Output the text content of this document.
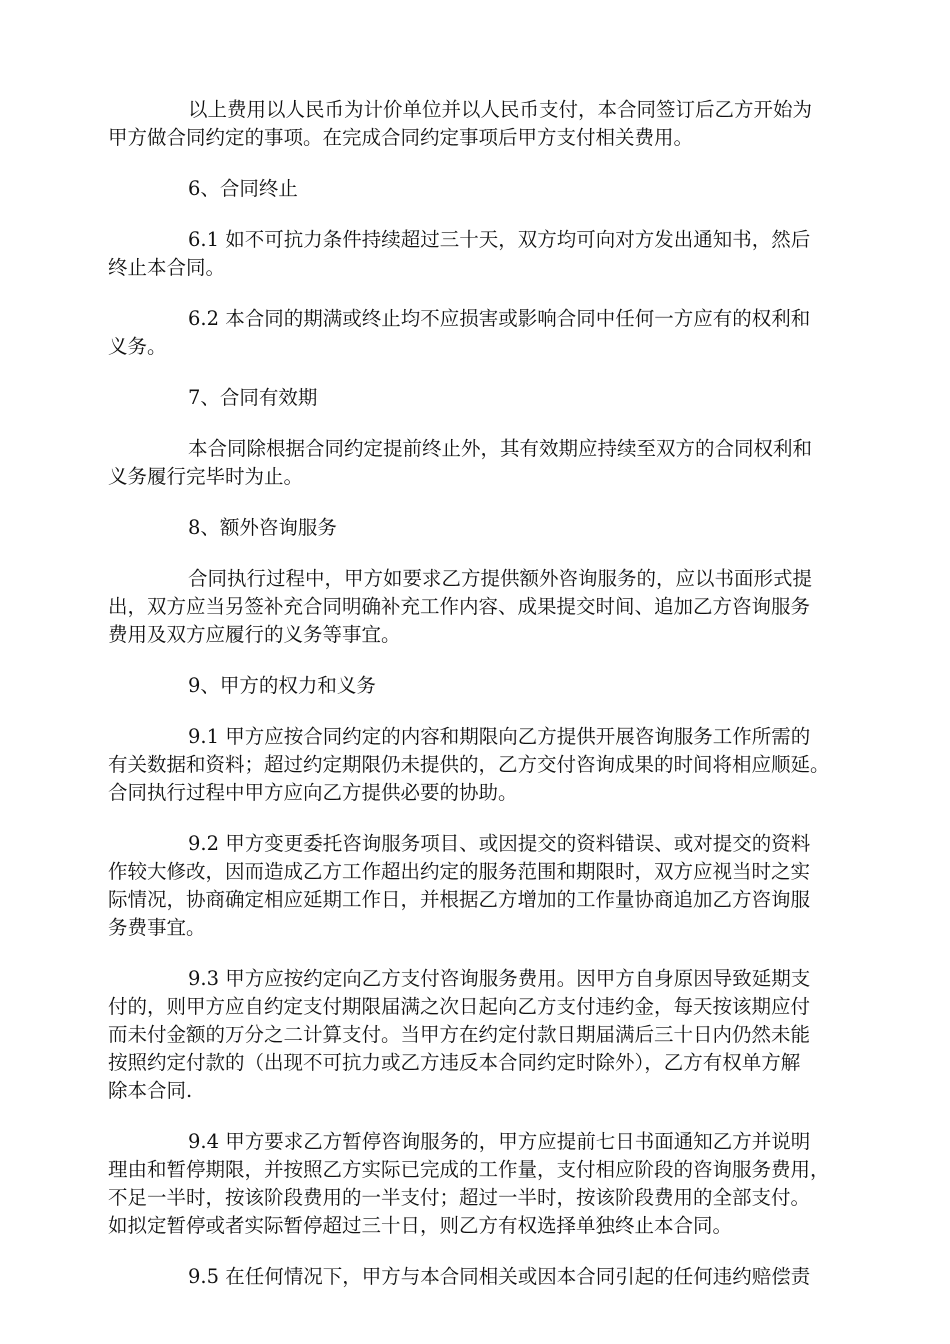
以上费用以人民币为计价单位并以人民币支付，本合同签订后乙方开始为
甲方做合同约定的事项。在完成合同约定事项后甲方支付相关费用。

6、合同终止

6.1 如不可抗力条件持续超过三十天，双方均可向对方发出通知书，然后
终止本合同。

6.2 本合同的期满或终止均不应损害或影响合同中任何一方应有的权利和
义务。

7、合同有效期

本合同除根据合同约定提前终止外，其有效期应持续至双方的合同权利和
义务履行完毕时为止。

8、额外咨询服务

合同执行过程中，甲方如要求乙方提供额外咨询服务的，应以书面形式提
出，双方应当另签补充合同明确补充工作内容、成果提交时间、追加乙方咨询服务
费用及双方应履行的义务等事宜。

9、甲方的权力和义务

9.1 甲方应按合同约定的内容和期限向乙方提供开展咨询服务工作所需的
有关数据和资料；超过约定期限仍未提供的，乙方交付咨询成果的时间将相应顺延。
合同执行过程中甲方应向乙方提供必要的协助。

9.2 甲方变更委托咨询服务项目、或因提交的资料错误、或对提交的资料
作较大修改，因而造成乙方工作超出约定的服务范围和期限时，双方应视当时之实
际情况，协商确定相应延期工作日，并根据乙方增加的工作量协商追加乙方咨询服
务费事宜。

9.3 甲方应按约定向乙方支付咨询服务费用。因甲方自身原因导致延期支
付的，则甲方应自约定支付期限届满之次日起向乙方支付违约金，每天按该期应付
而未付金额的万分之二计算支付。当甲方在约定付款日期届满后三十日内仍然未能
按照约定付款的（出现不可抗力或乙方违反本合同约定时除外），乙方有权单方解
除本合同.

9.4 甲方要求乙方暂停咨询服务的，甲方应提前七日书面通知乙方并说明
理由和暂停期限，并按照乙方实际已完成的工作量，支付相应阶段的咨询服务费用，
不足一半时，按该阶段费用的一半支付；超过一半时，按该阶段费用的全部支付。
如拟定暂停或者实际暂停超过三十日，则乙方有权选择单独终止本合同。

9.5 在任何情况下，甲方与本合同相关或因本合同引起的任何违约赔偿责
